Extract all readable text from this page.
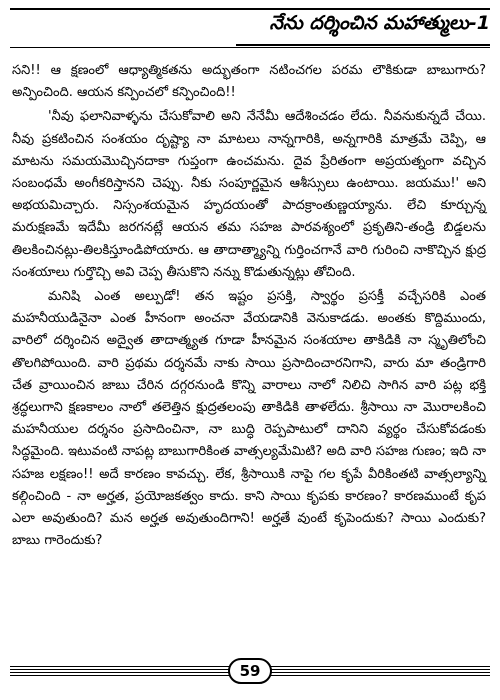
నేను దర్శించిన మహాత్ములు-1

సని!! ఆ క్షణంలో ఆధ్యాత్మికతను అద్భుతంగా నటించగల పరమ లౌకికుడా బాబుగారు? అన్పించింది. ఆయన కన్పించలో కన్పించింది!!

'నీవు ఫలానివాళ్ళను చేసుకోవాలి అని నేనేమీ ఆదేశించడం లేదు. నీవనుకున్నదే చేయి. నీవు ప్రకటించిన సంశయం దృష్ట్యా నా మాటలు నాన్నగారికి, అన్నగారికి మాత్రమే చెప్పి, ఆ మాటను సమయమొచ్చినదాకా గుప్తంగా ఉంచమను. దైవ ప్రేరితంగా అప్రయత్నంగా వచ్చిన సంబంధమే అంగీకరిస్తానని చెప్పు. నీకు సంపూర్ణమైన ఆశీస్సులు ఉంటాయి. జయము!' అని అభయమిచ్చారు. నిస్సంశయమైన హృదయంతో పాదక్రాంతుణ్ణయ్యాను. లేచి కూర్చున్న మరుక్షణమే ఇదేమీ జరగనట్లే ఆయన తమ సహజ పారవశ్యంలో ప్రకృతిని-తండ్రి బిడ్డలను తిలకించినట్లు-తిలకిస్తూండిపోయారు. ఆ తాదాత్మ్యాన్ని గుర్తించగానే వారి గురించి నాకొచ్చిన క్షుద్ర సంశయాలు గుర్తొచ్చి అవి చెప్ప తీసుకొని నన్ను కొడుతున్నట్లు తోచింది.

మనిషి ఎంత అల్పుడో! తన ఇష్టం ప్రసక్తి, స్వార్థం ప్రసక్తీ వచ్చేసరికి ఎంత మహనీయుడినైనా ఎంత హీనంగా అంచనా వేయడానికి వెనుకాడడు. అంతకు కొద్దిముందు, వారిలో దర్శించిన అద్వైత తాదాత్మ్యత గూడా హీనమైన సంశయాల తాకిడికి నా స్మృతిలోంచి తొలగిపోయింది. వారి ప్రథమ దర్శనమే నాకు సాయి ప్రసాదించారనిగాని, వారు మా తండ్రిగారి చేత వ్రాయించిన జాబు చేరిన దగ్గరనుండి కొన్ని వారాలు నాలో నిలిచి సాగిన వారి పట్ల భక్తి శ్రద్ధలుగాని క్షణకాలం నాలో తలెత్తిన క్షుద్రతలంపు తాకిడికి తాళలేదు. శ్రీసాయి నా మొరాలకించి మహనీయుల దర్శనం ప్రసాదించినా, నా బుద్ధి రెప్పపాటులో దానిని వ్యర్థం చేసుకోవడంకు సిద్ధమైంది. ఇటువంటి నాపట్ల బాబుగారికింత వాత్సల్యమేమిటి? అది వారి సహజ గుణం; ఇది నా సహజ లక్షణం!! అదే కారణం కావచ్చు. లేక, శ్రీసాయికి నాపై గల కృపే వీరికింతటి వాత్సల్యాన్ని కల్గించింది - నా అర్హత, ప్రయోజకత్వం కాదు. కాని సాయి కృపకు కారణం? కారణముంటే కృప ఎలా అవుతుంది? మన అర్హత అవుతుందిగాని! అర్హతే వుంటే కృపెందుకు? సాయి ఎందుకు? బాబు గారెందుకు?

59
